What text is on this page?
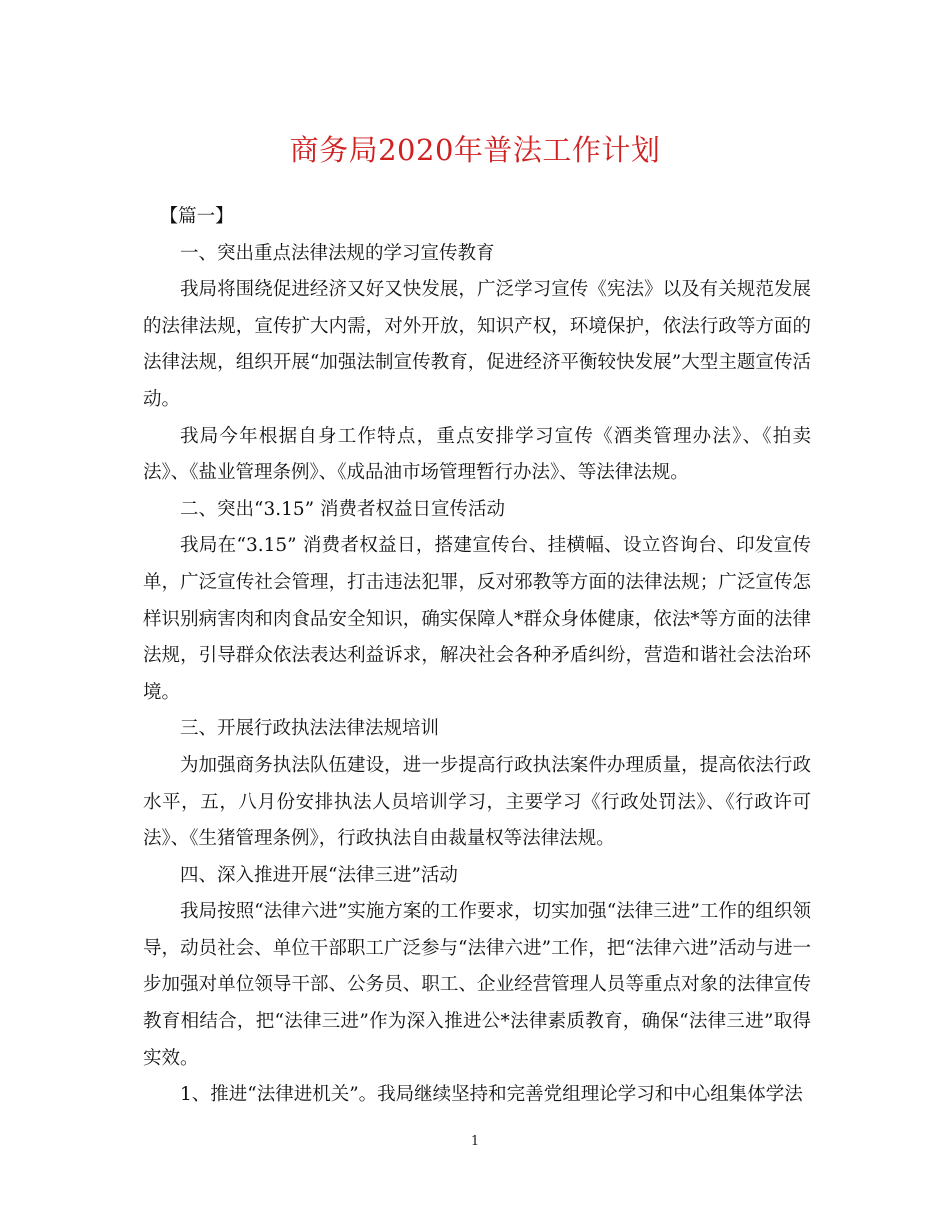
商务局2020年普法工作计划

【篇一】

一、突出重点法律法规的学习宣传教育

我局将围绕促进经济又好又快发展，广泛学习宣传《宪法》以及有关规范发展的法律法规，宣传扩大内需，对外开放，知识产权，环境保护，依法行政等方面的法律法规，组织开展“加强法制宣传教育，促进经济平衡较快发展”大型主题宣传活动。

我局今年根据自身工作特点，重点安排学习宣传《酒类管理办法》、《拍卖法》、《盐业管理条例》、《成品油市场管理暂行办法》、等法律法规。

二、突出“3.15” 消费者权益日宣传活动

我局在“3.15” 消费者权益日，搭建宣传台、挂横幅、设立咨询台、印发宣传单，广泛宣传社会管理，打击违法犯罪，反对邪教等方面的法律法规；广泛宣传怎样识别病害肉和肉食品安全知识，确实保障人*群众身体健康，依法*等方面的法律法规，引导群众依法表达利益诉求，解决社会各种矛盾纠纷，营造和谐社会法治环境。

三、开展行政执法法律法规培训

为加强商务执法队伍建设，进一步提高行政执法案件办理质量，提高依法行政水平，五，八月份安排执法人员培训学习，主要学习《行政处罚法》、《行政许可法》、《生猪管理条例》，行政执法自由裁量权等法律法规。

四、深入推进开展“法律三进”活动

我局按照“法律六进”实施方案的工作要求，切实加强“法律三进”工作的组织领导，动员社会、单位干部职工广泛参与“法律六进”工作，把“法律六进”活动与进一步加强对单位领导干部、公务员、职工、企业经营管理人员等重点对象的法律宣传教育相结合，把“法律三进”作为深入推进公*法律素质教育，确保“法律三进”取得实效。

1、推进“法律进机关”。我局继续坚持和完善党组理论学习和中心组集体学法

1
